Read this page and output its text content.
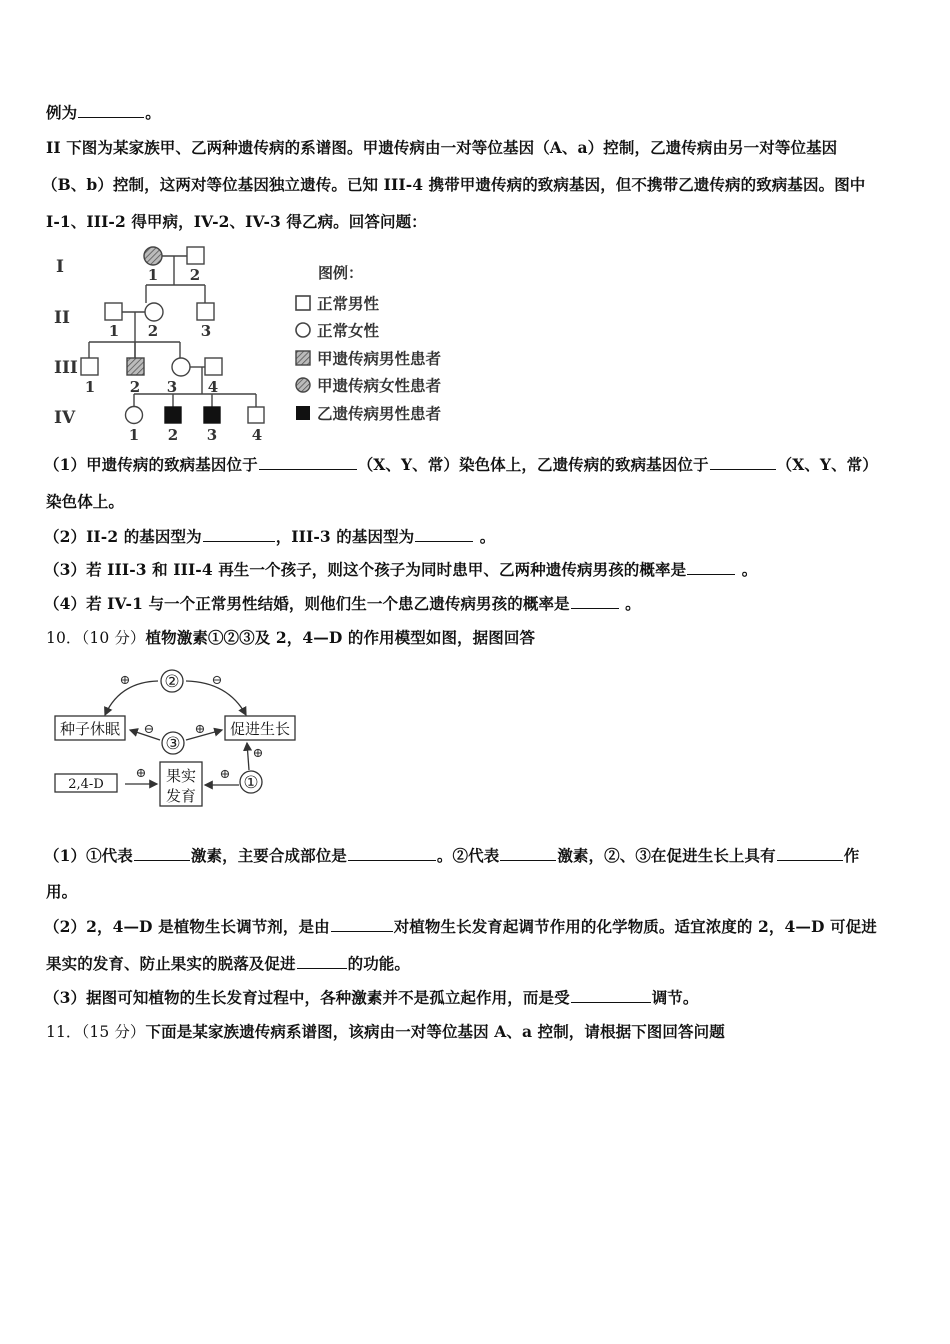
例为	。
II 下图为某家族甲、乙两种遗传病的系谱图。甲遗传病由一对等位基因（A、a）控制，乙遗传病由另一对等位基因
（B、b）控制，这两对等位基因独立遗传。已知 III-4 携带甲遗传病的致病基因，但不携带乙遗传病的致病基因。图中
I-1、III-2 得甲病，IV-2、IV-3 得乙病。回答问题：
I
II
III
IV
1 2
1 2	3
1 2 3 4
1 2 3 4
图例：
正常男性
正常女性
甲遗传病男性患者
甲遗传病女性患者
乙遗传病男性患者
（1）甲遗传病的致病基因位于	（X、Y、常）染色体上，乙遗传病的致病基因位于	（X、Y、常）
染色体上。
（2）II-2 的基因型为	，III-3 的基因型为	。
（3）若 III-3 和 III-4 再生一个孩子，则这个孩子为同时患甲、乙两种遗传病男孩的概率是	。
（4）若 IV-1 与一个正常男性结婚，则他们生一个患乙遗传病男孩的概率是	。
10．（10 分）植物激素①②③及 2，4—D 的作用模型如图，据图回答
②
③
①
种子休眠	促进生长
果实
发育
2,4-D
⊕	⊖
⊖	⊕
⊕
⊕
⊕
（1）①代表	激素，主要合成部位是	。②代表	激素，②、③在促进生长上具有	作
用。
（2）2，4—D 是植物生长调节剂，是由	对植物生长发育起调节作用的化学物质。适宜浓度的 2，4—D 可促进
果实的发育、防止果实的脱落及促进	的功能。
（3）据图可知植物的生长发育过程中，各种激素并不是孤立起作用，而是受	调节。
11．（15 分）下面是某家族遗传病系谱图，该病由一对等位基因 A、a 控制，请根据下图回答问题
